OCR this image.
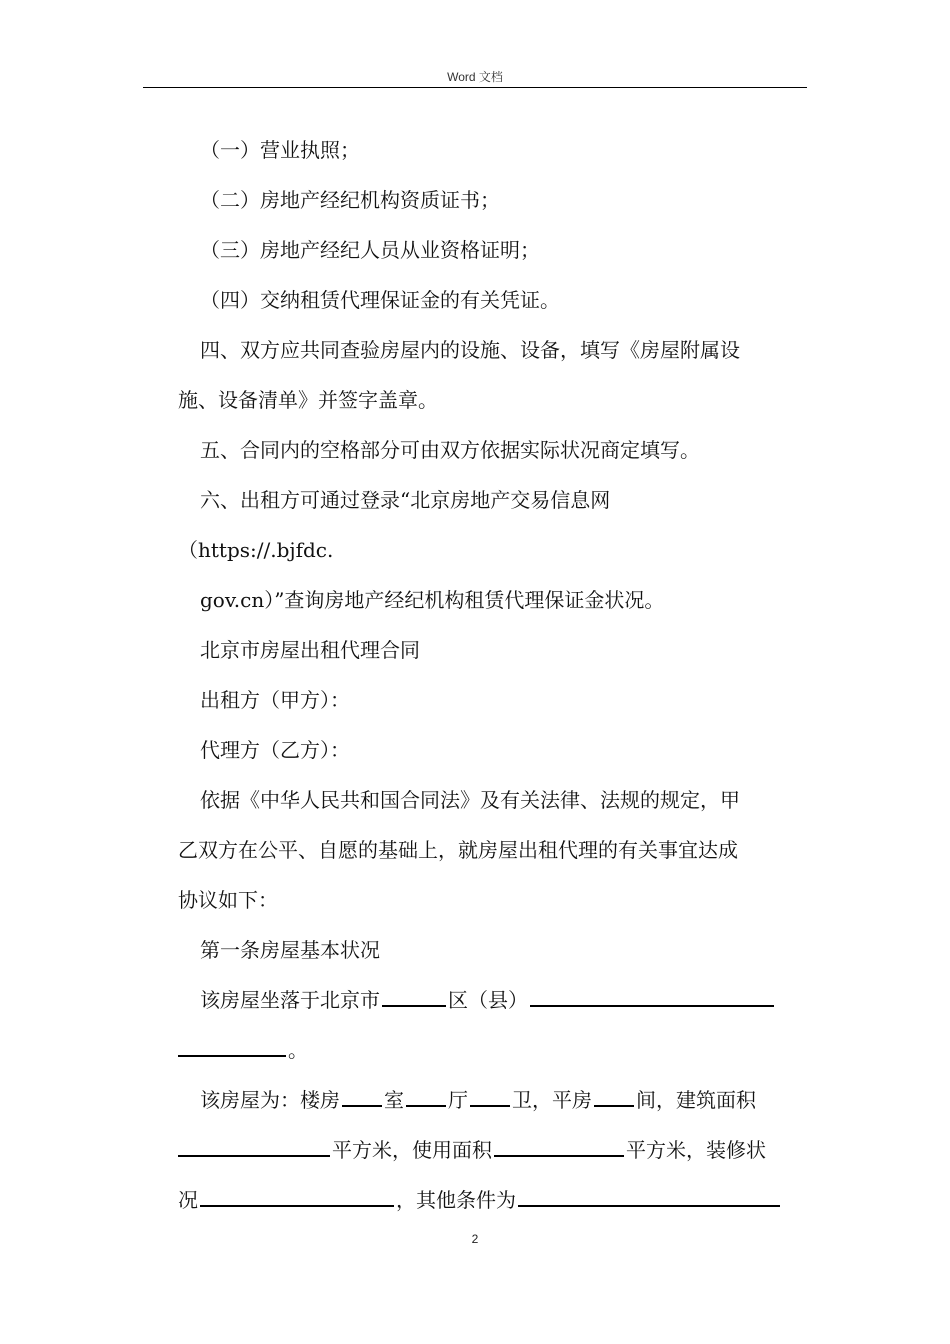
Word 文档
（一）营业执照；
（二）房地产经纪机构资质证书；
（三）房地产经纪人员从业资格证明；
（四）交纳租赁代理保证金的有关凭证。
四、双方应共同查验房屋内的设施、设备，填写《房屋附属设
施、设备清单》并签字盖章。
五、合同内的空格部分可由双方依据实际状况商定填写。
六、出租方可通过登录“北京房地产交易信息网
（https://.bjfdc.
gov.cn）”查询房地产经纪机构租赁代理保证金状况。
北京市房屋出租代理合同
出租方（甲方）：
代理方（乙方）：
依据《中华人民共和国合同法》及有关法律、法规的规定，甲
乙双方在公平、自愿的基础上，就房屋出租代理的有关事宜达成
协议如下：
第一条房屋基本状况
该房屋坐落于北京市	区（县）
。
该房屋为：楼房 室 厅 卫，平房 间，建筑面积
平方米，使用面积	平方米，装修状
况	，其他条件为
2
